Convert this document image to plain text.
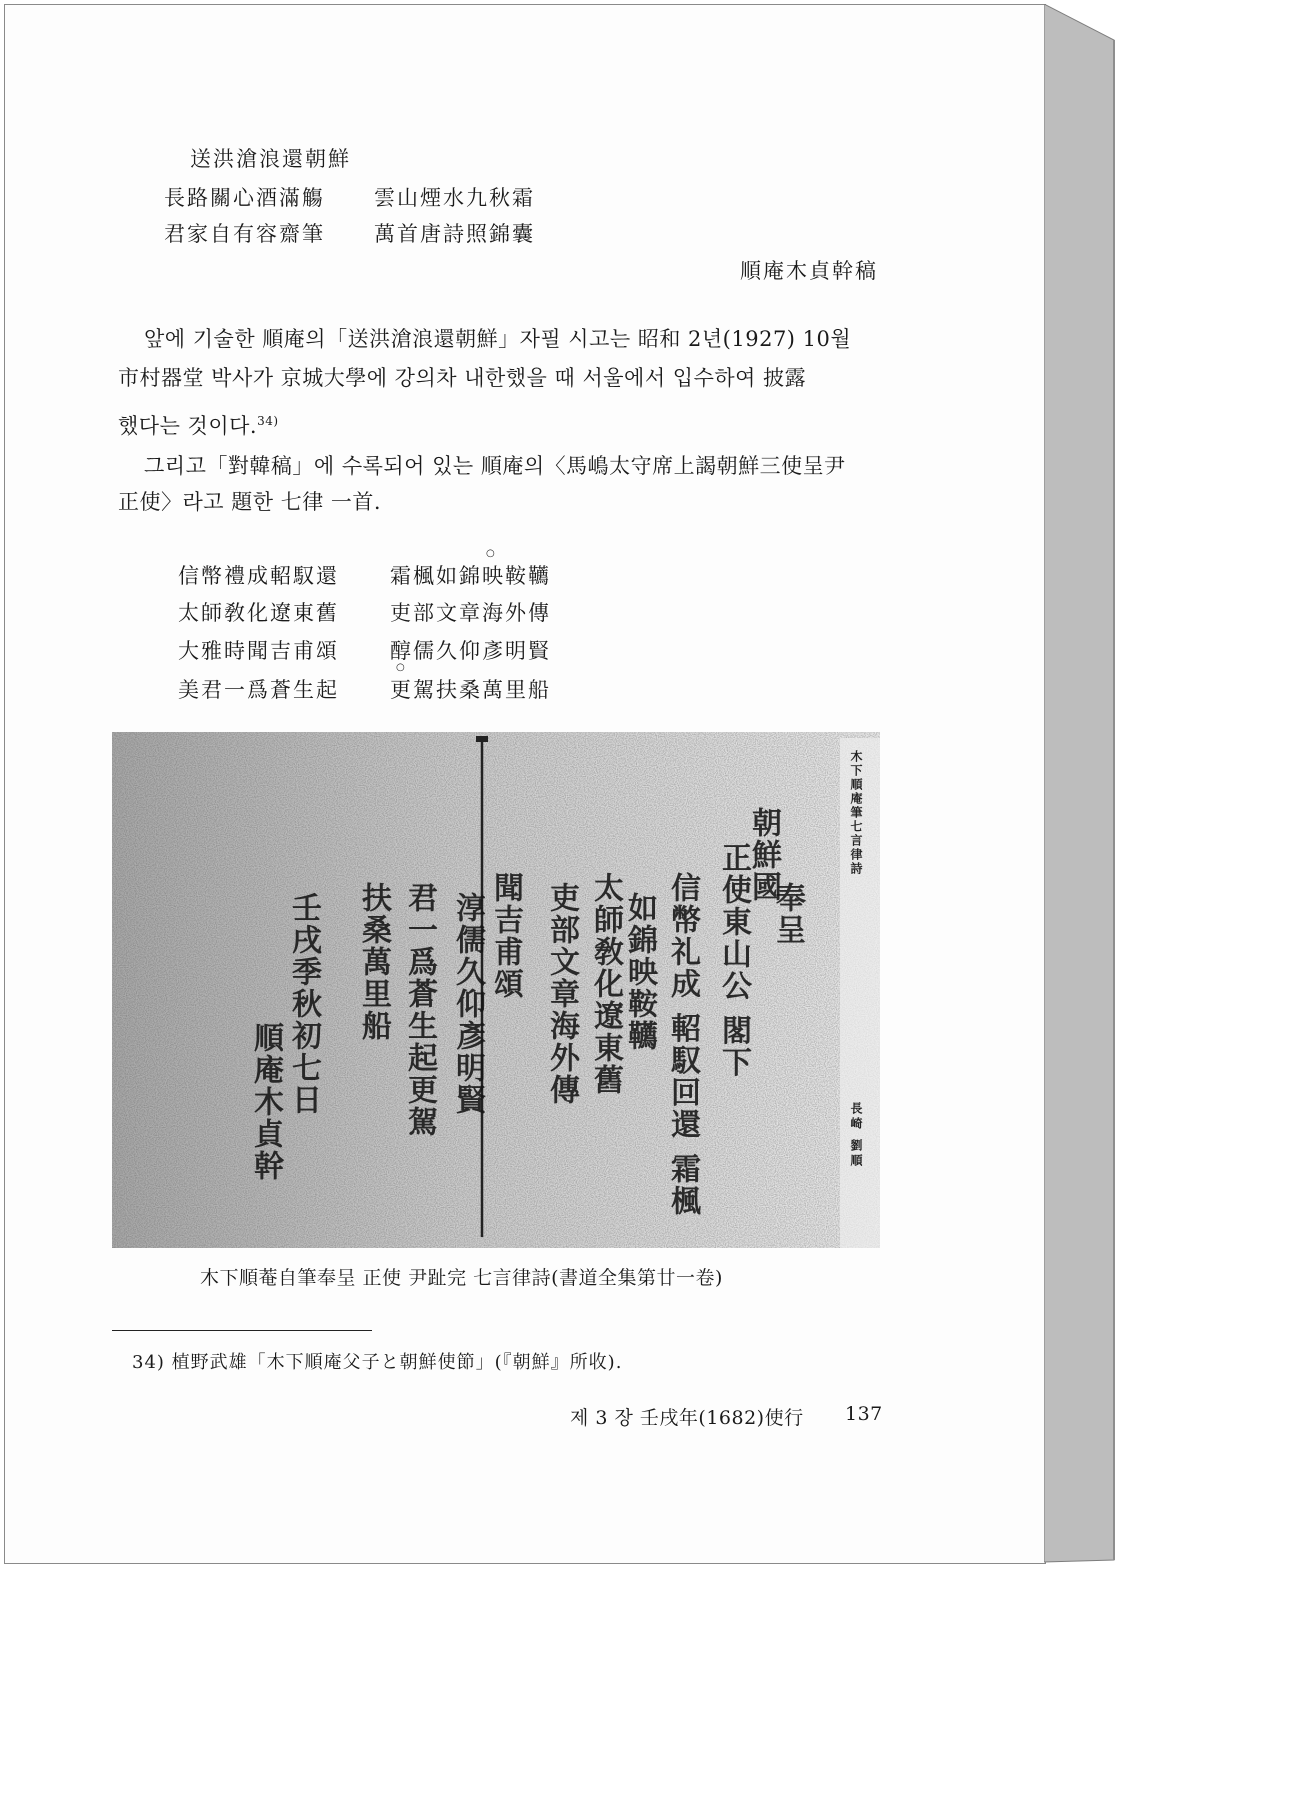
送洪滄浪還朝鮮
長路關心酒滿觴 雲山煙水九秋霜
君家自有容齋筆 萬首唐詩照錦囊
順庵木貞幹稿
앞에 기술한 順庵의「送洪滄浪還朝鮮」자필 시고는 昭和 2년(1927) 10월
市村器堂 박사가 京城大學에 강의차 내한했을 때 서울에서 입수하여 披露
했다는 것이다.$^{34)}$
그리고「對韓稿」에 수록되어 있는 順庵의〈馬嶋太守席上謁朝鮮三使呈尹
正使〉라고 題한 七律 一首.
信幣禮成軺馭還 霜楓如錦映鞍韉
○
太師敎化遼東舊 吏部文章海外傳
大雅時聞吉甫頌 醇儒久仰彥明賢
○
美君一爲蒼生起 更駕扶桑萬里船
朝鮮國
正使東山公 閣下 奉呈
信幣礼成 軺馭回還 霜楓
如錦映鞍韉
太師敎化遼東舊
吏部文章海外傳
聞吉甫頌
淳儒久仰彥明賢
君一爲蒼生起更駕
扶桑萬里船
壬戌季秋初七日
順庵木貞幹
木下順庵筆七言律詩
長崎 劉順
木下順菴自筆奉呈 正使 尹趾完 七言律詩(書道全集第廿一卷)
34) 植野武雄「木下順庵父子と朝鮮使節」(『朝鮮』所收).
제 3 장 壬戌年(1682)使行 137
